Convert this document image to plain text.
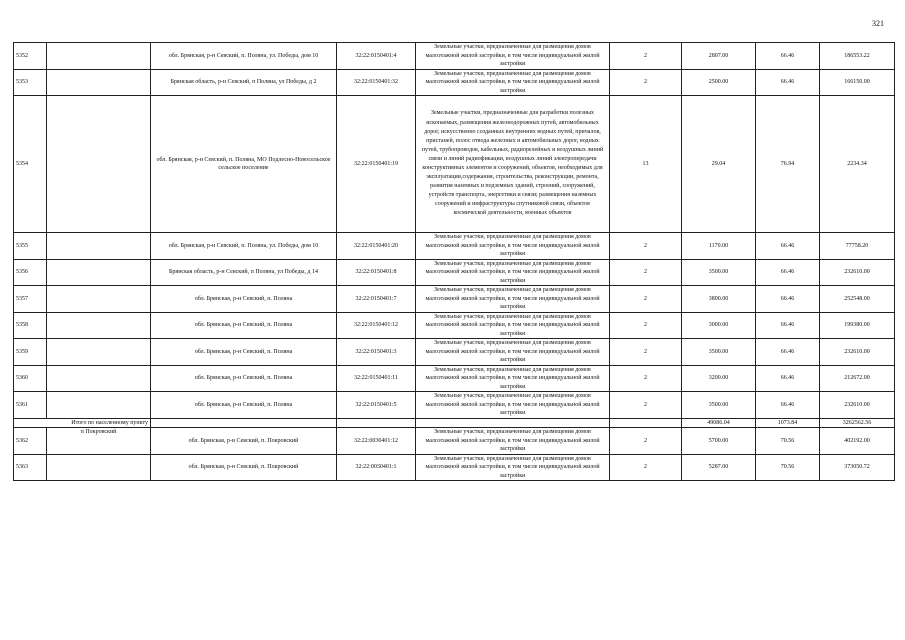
321
5352		обл. Брянская, р-н Севский, п. Поляна, ул. Победы, дом 10	32:22:0150401:4	Земельные участки, предназначенные для размещения домов малоэтажной жилой застройки, в том числе индивидуальной жилой застройки	2	2807.00	66.46	186553.22
5353		Брянская область, р-н Севский, п Поляна, ул Победы, д 2	32:22:0150401:32	Земельные участки, предназначенные для размещения домов малоэтажной жилой застройки, в том числе индивидуальной жилой застройки	2	2500.00	66.46	166150.00
5354		обл. Брянская, р-н Севский, п. Поляна, МО Подлесно-Новосельское сельское поселение	32:22:0150401:19	Земельные участки, предназначенные для разработки полезных ископаемых, размещения железнодорожных путей, автомобильных дорог, искусственно созданных внутренних водных путей, причалов, пристаней, полос отвода железных и автомобильных дорог, водных путей, трубопроводов, кабельных, радиорелейных и воздушных линий связи и линий радиофикации, воздушных линий электропередачи конструктивных элементов и сооружений, объектов, необходимых для эксплуатации,содержания, строительства, реконструкции, ремонта, развития наземных и подземных зданий, строений, сооружений, устройств транспорта, энергетики и связи; размещения наземных сооружений и инфраструктуры спутниковой связи, объектов космической деятельности, военных объектов	13	29.04	76.94	2234.34
5355		обл. Брянская, р-н Севский, п. Поляна, ул. Победы, дом 10	32:22:0150401:20	Земельные участки, предназначенные для размещения домов малоэтажной жилой застройки, в том числе индивидуальной жилой застройки	2	1170.00	66.46	77758.20
5356		Брянская область, р-н Севский, п Поляна, ул Победы, д 14	32:22:0150401:8	Земельные участки, предназначенные для размещения домов малоэтажной жилой застройки, в том числе индивидуальной жилой застройки	2	3500.00	66.46	232610.00
5357		обл. Брянская, р-н Севский, п. Поляна	32:22:0150401:7	Земельные участки, предназначенные для размещения домов малоэтажной жилой застройки, в том числе индивидуальной жилой застройки	2	3800.00	66.46	252548.00
5358		обл. Брянская, р-н Севский, п. Поляна	32:22:0150401:12	Земельные участки, предназначенные для размещения домов малоэтажной жилой застройки, в том числе индивидуальной жилой застройки	2	3000.00	66.46	199380.00
5359		обл. Брянская, р-н Севский, п. Поляна	32:22:0150401:3	Земельные участки, предназначенные для размещения домов малоэтажной жилой застройки, в том числе индивидуальной жилой застройки	2	3500.00	66.46	232610.00
5360		обл. Брянская, р-н Севский, п. Поляна	32:22:0150401:11	Земельные участки, предназначенные для размещения домов малоэтажной жилой застройки, в том числе индивидуальной жилой застройки	2	3200.00	66.46	212672.00
5361		обл. Брянская, р-н Севский, п. Поляна	32:22:0150401:5	Земельные участки, предназначенные для размещения домов малоэтажной жилой застройки, в том числе индивидуальной жилой застройки	2	3500.00	66.46	232610.00
Итого по населенному пункту						49086.04	1073.84	3262562.56
5362	п Покровский	обл. Брянская, р-н Севский, п. Покровский	32:22:0030401:12	Земельные участки, предназначенные для размещения домов малоэтажной жилой застройки, в том числе индивидуальной жилой застройки	2	5700.00	70.56	402192.00
5363		обл. Брянская, р-н Севский, п. Покровский	32:22:0030401:1	Земельные участки, предназначенные для размещения домов малоэтажной жилой застройки, в том числе индивидуальной жилой застройки	2	5287.00	70.56	373050.72
